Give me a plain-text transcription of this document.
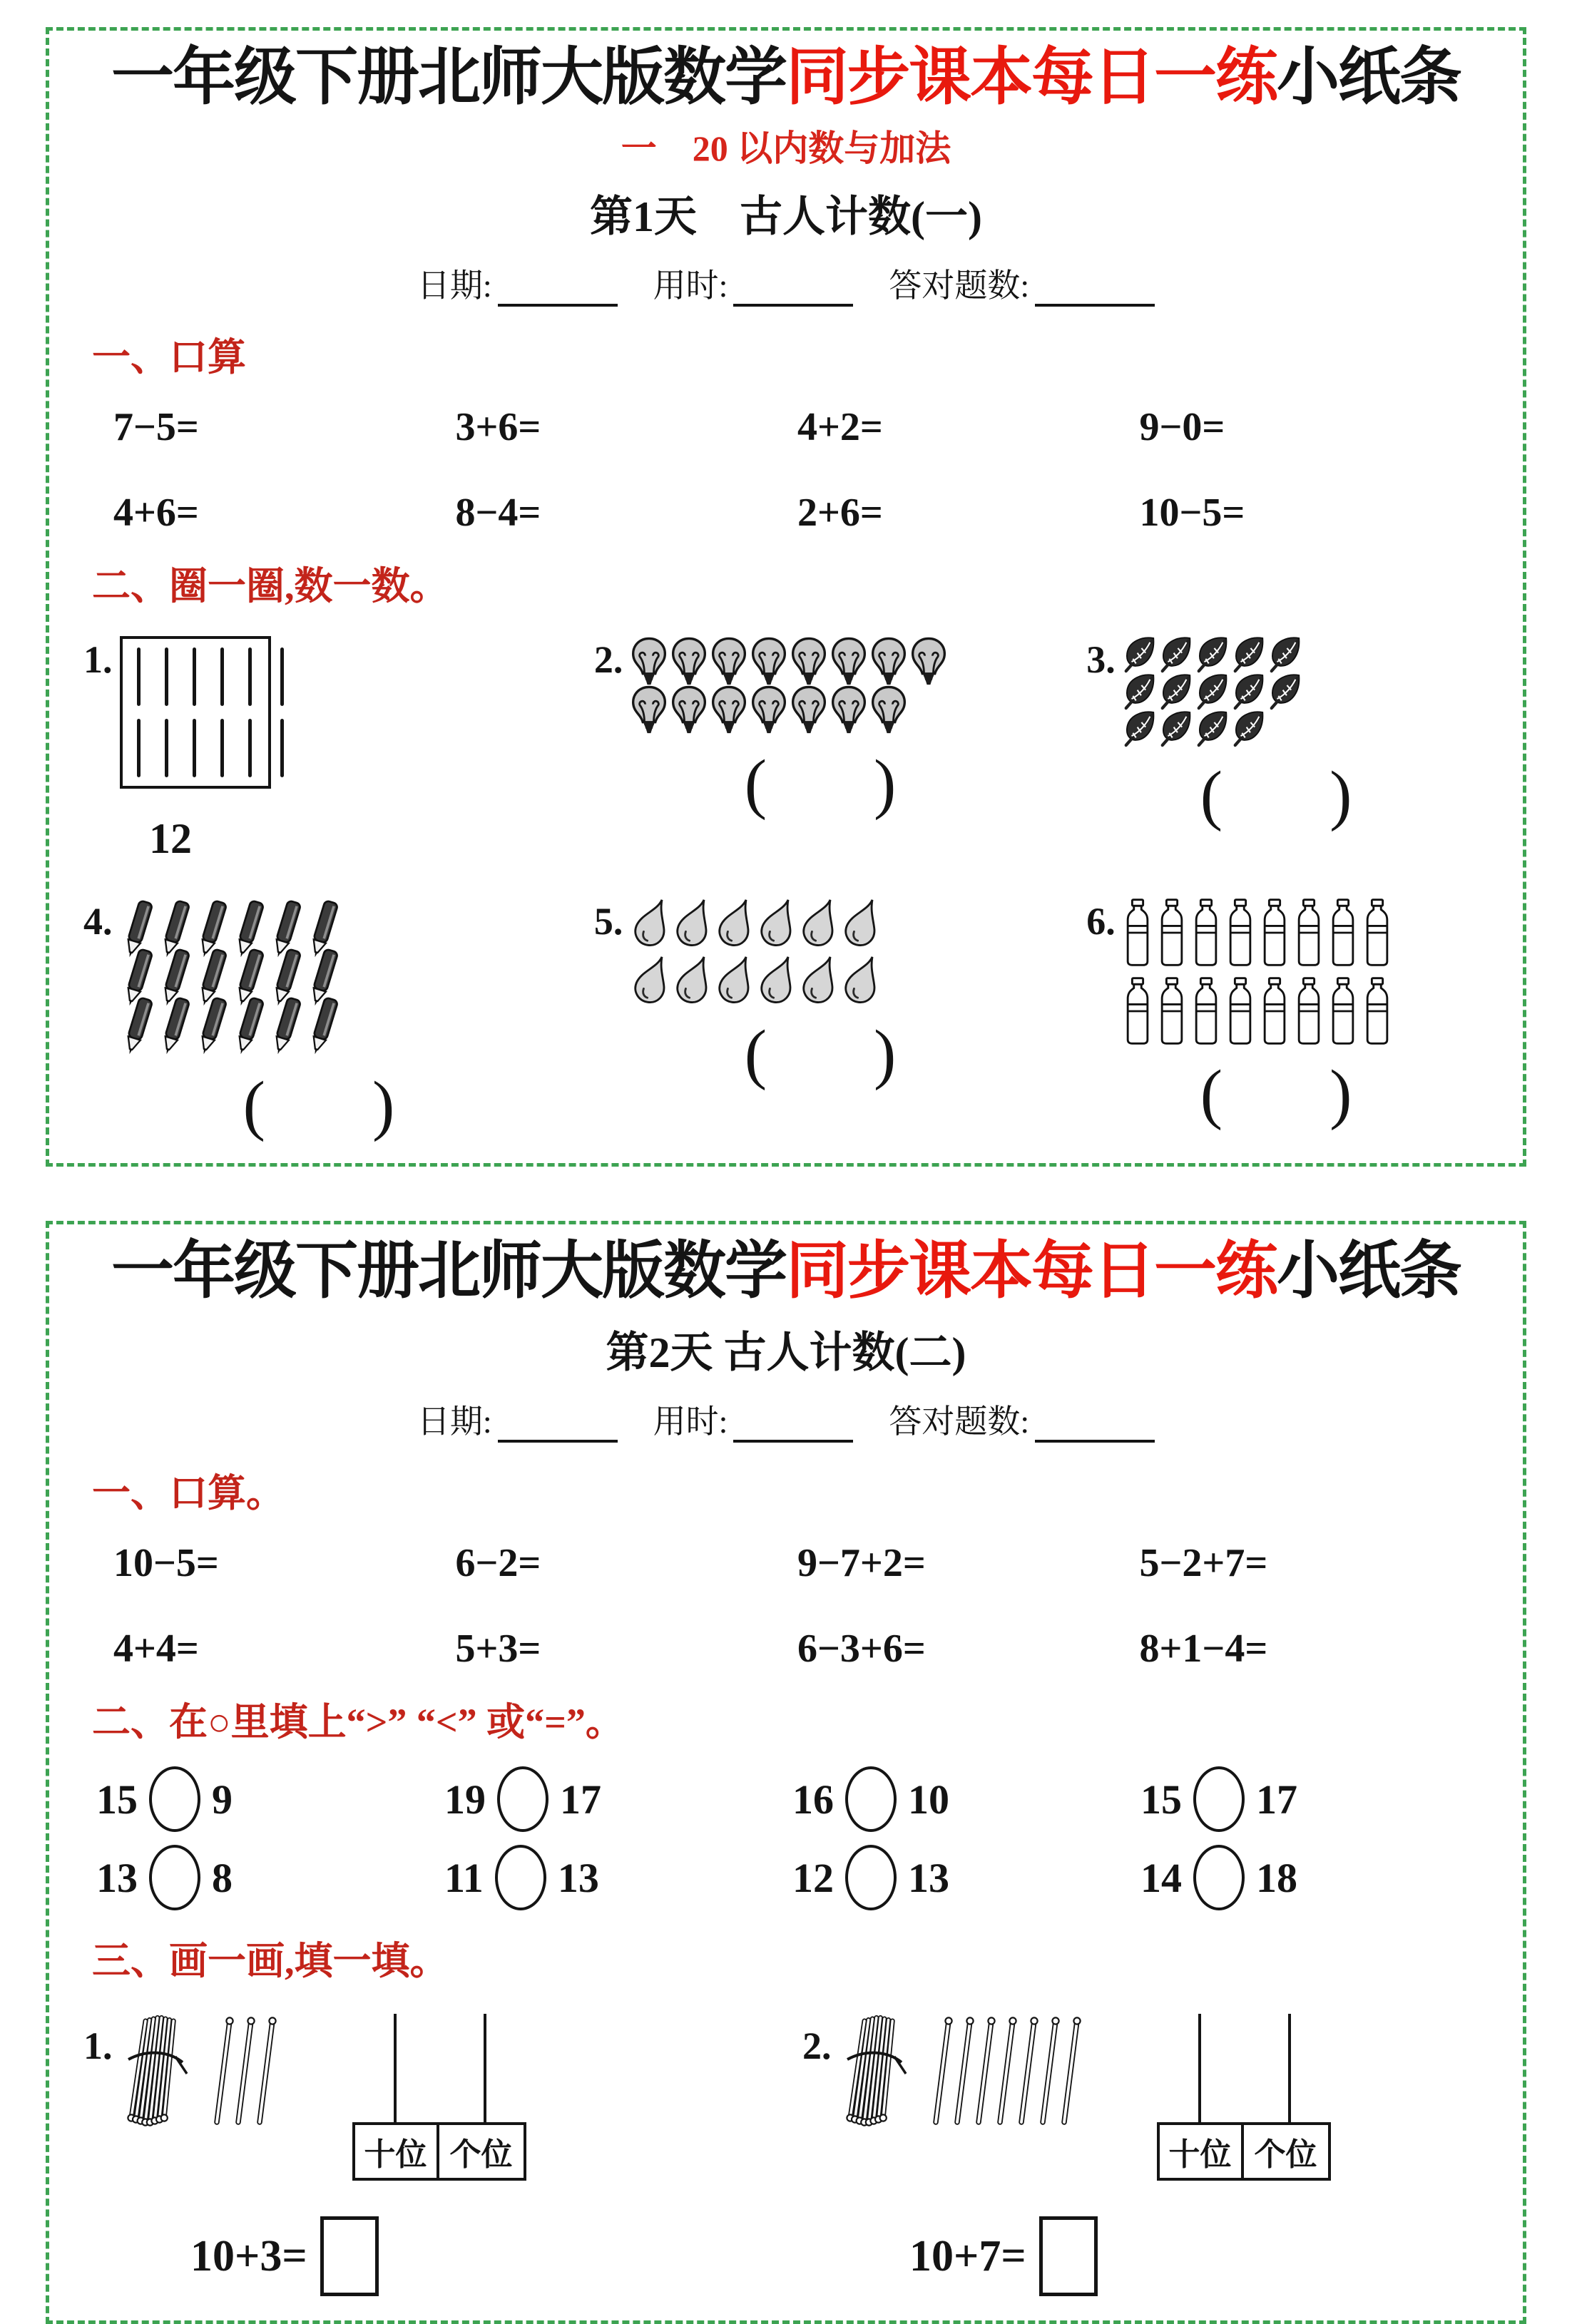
一年级下册北师大版数学同步课本每日一练小纸条
一　20 以内数与加法
第1天　古人计数(一)
日期:	用时:	答对题数:
一、口算
7−5=	3+6=	4+2=	9−0=
4+6=	8−4=	2+6=	10−5=
二、圈一圈,数一数。
1.
12
2.
( )
3.
( )
4.
( )
5.
( )
6.
( )
一年级下册北师大版数学同步课本每日一练小纸条
第2天 古人计数(二)
日期:	用时:	答对题数:
一、口算。
10−5=	6−2=	9−7+2=	5−2+7=
4+4=	5+3=	6−3+6=	8+1−4=
二、在○里填上“>” “<” 或“=”。
15 9	19 17	16 10	15 17
13 8	11 13	12 13	14 18
三、画一画,填一填。
1.
十位 个位
10+3=
2.
十位 个位
10+7=
